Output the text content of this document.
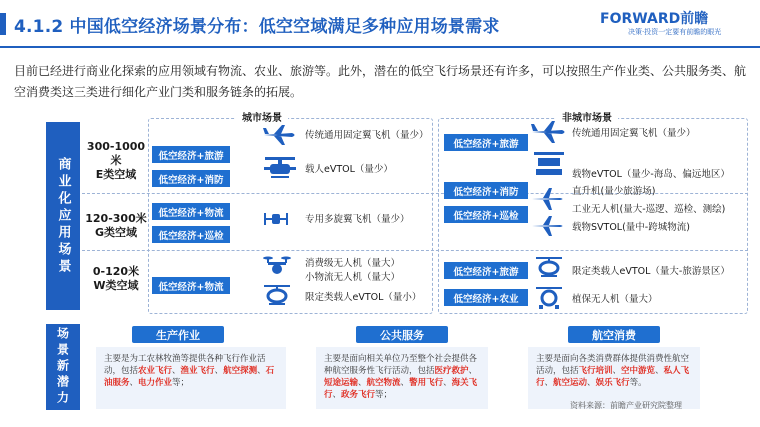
4.1.2 中国低空经济场景分布：低空空域满足多种应用场景需求	FORWARD前瞻
决策·投资一定要有前瞻的眼光
目前已经进行商业化探索的应用领域有物流、农业、旅游等。此外，潜在的低空飞行场景还有许多，可以按照生产作业类、公共服务类、航空消费类这三类进行细化产业门类和服务链条的拓展。
商业化应用场景
场景新潜力
城市场景	非城市场景
300-1000米
E类空域
120-300米
G类空域
0-120米
W类空域
低空经济+旅游
低空经济+消防
低空经济+物流
低空经济+巡检
低空经济+物流
传统通用固定翼飞机（量少）
载人eVTOL（量少）
专用多旋翼飞机（量少）
消费级无人机（量大）
小物流无人机（量大）
限定类载人eVTOL（量小）
低空经济+旅游
低空经济+消防
低空经济+巡检
低空经济+旅游
低空经济+农业
传统通用固定翼飞机（量少）
载物eVTOL（量少-海岛、偏远地区）
直升机(量少旅游场)
工业无人机(量大-巡逻、巡检、测绘)
载物SVTOL(量中-跨城物流)
限定类载人eVTOL（量大-旅游景区）
植保无人机（量大）
生产作业
主要是为工农林牧渔等提供各种飞行作业活动，包括农业飞行、渔业飞行、航空探测、石油服务、电力作业等；
公共服务
主要是面向相关单位乃至整个社会提供各种航空服务性飞行活动，包括医疗救护、短途运输、航空物流、警用飞行、海关飞行、政务飞行等；
航空消费
主要是面向各类消费群体提供消费性航空活动，包括飞行培训、空中游览、私人飞行、航空运动、娱乐飞行等。
资料来源：前瞻产业研究院整理
